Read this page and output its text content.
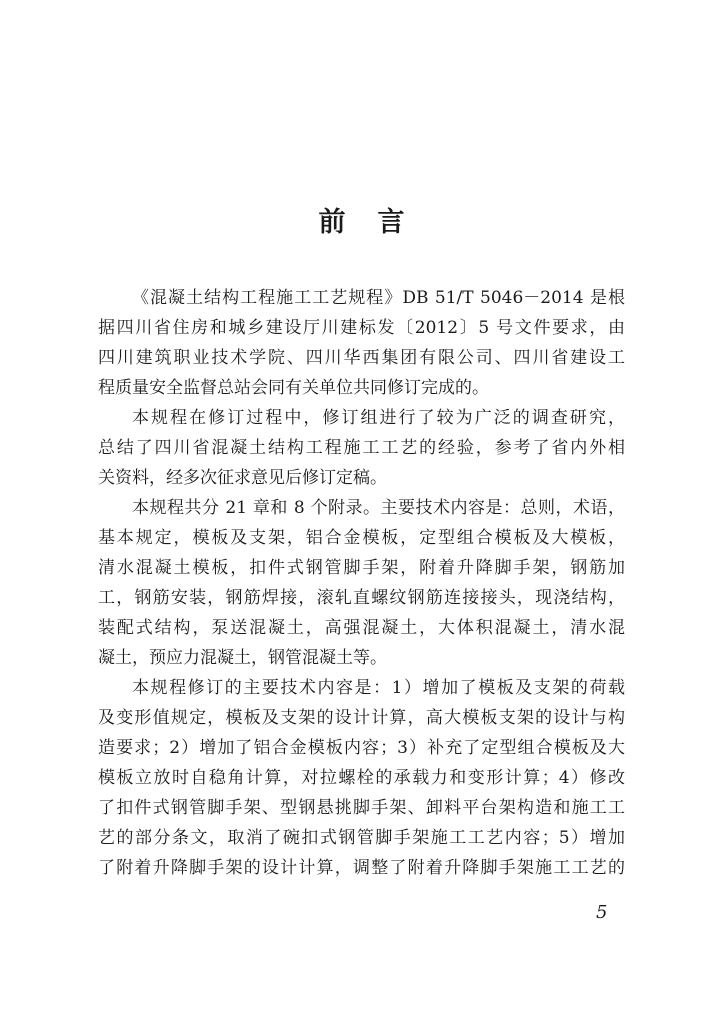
前言
《混凝土结构工程施工工艺规程》DB 51/T 5046－2014 是根
据四川省住房和城乡建设厅川建标发〔2012〕5 号文件要求，由
四川建筑职业技术学院、四川华西集团有限公司、四川省建设工
程质量安全监督总站会同有关单位共同修订完成的。
本规程在修订过程中，修订组进行了较为广泛的调查研究，
总结了四川省混凝土结构工程施工工艺的经验，参考了省内外相
关资料，经多次征求意见后修订定稿。
本规程共分 21 章和 8 个附录。主要技术内容是：总则，术语，
基本规定，模板及支架，铝合金模板，定型组合模板及大模板，
清水混凝土模板，扣件式钢管脚手架，附着升降脚手架，钢筋加
工，钢筋安装，钢筋焊接，滚轧直螺纹钢筋连接接头，现浇结构，
装配式结构，泵送混凝土，高强混凝土，大体积混凝土，清水混
凝土，预应力混凝土，钢管混凝土等。
本规程修订的主要技术内容是：1）增加了模板及支架的荷载
及变形值规定，模板及支架的设计计算，高大模板支架的设计与构
造要求；2）增加了铝合金模板内容；3）补充了定型组合模板及大
模板立放时自稳角计算，对拉螺栓的承载力和变形计算；4）修改
了扣件式钢管脚手架、型钢悬挑脚手架、卸料平台架构造和施工工
艺的部分条文，取消了碗扣式钢管脚手架施工工艺内容；5）增加
了附着升降脚手架的设计计算，调整了附着升降脚手架施工工艺的
5
